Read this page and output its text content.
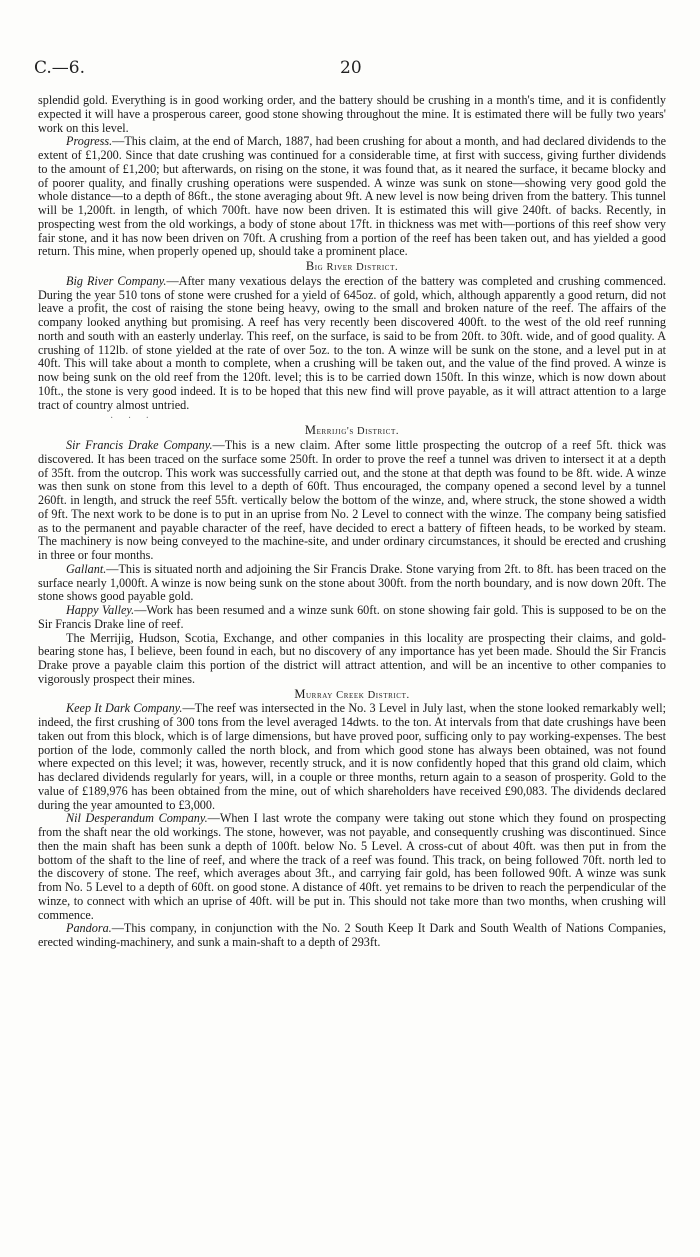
C.—6.	20

splendid gold. Everything is in good working order, and the battery should be crushing in a month's time, and it is confidently expected it will have a prosperous career, good stone showing throughout the mine. It is estimated there will be fully two years' work on this level.

Progress.—This claim, at the end of March, 1887, had been crushing for about a month, and had declared dividends to the extent of £1,200. Since that date crushing was continued for a considerable time, at first with success, giving further dividends to the amount of £1,200; but afterwards, on rising on the stone, it was found that, as it neared the surface, it became blocky and of poorer quality, and finally crushing operations were suspended. A winze was sunk on stone—showing very good gold the whole distance—to a depth of 86ft., the stone averaging about 9ft. A new level is now being driven from the battery. This tunnel will be 1,200ft. in length, of which 700ft. have now been driven. It is estimated this will give 240ft. of backs. Recently, in prospecting west from the old workings, a body of stone about 17ft. in thickness was met with—portions of this reef show very fair stone, and it has now been driven on 70ft. A crushing from a portion of the reef has been taken out, and has yielded a good return. This mine, when properly opened up, should take a prominent place.

Big River District.

Big River Company.—After many vexatious delays the erection of the battery was completed and crushing commenced. During the year 510 tons of stone were crushed for a yield of 645oz. of gold, which, although apparently a good return, did not leave a profit, the cost of raising the stone being heavy, owing to the small and broken nature of the reef. The affairs of the company looked anything but promising. A reef has very recently been discovered 400ft. to the west of the old reef running north and south with an easterly underlay. This reef, on the surface, is said to be from 20ft. to 30ft. wide, and of good quality. A crushing of 112lb. of stone yielded at the rate of over 5oz. to the ton. A winze will be sunk on the stone, and a level put in at 40ft. This will take about a month to complete, when a crushing will be taken out, and the value of the find proved. A winze is now being sunk on the old reef from the 120ft. level; this is to be carried down 150ft. In this winze, which is now down about 10ft., the stone is very good indeed. It is to be hoped that this new find will prove payable, as it will attract attention to a large tract of country almost untried.

· · ·
Merrijig's District.

Sir Francis Drake Company.—This is a new claim. After some little prospecting the outcrop of a reef 5ft. thick was discovered. It has been traced on the surface some 250ft. In order to prove the reef a tunnel was driven to intersect it at a depth of 35ft. from the outcrop. This work was successfully carried out, and the stone at that depth was found to be 8ft. wide. A winze was then sunk on stone from this level to a depth of 60ft. Thus encouraged, the company opened a second level by a tunnel 260ft. in length, and struck the reef 55ft. vertically below the bottom of the winze, and, where struck, the stone showed a width of 9ft. The next work to be done is to put in an uprise from No. 2 Level to connect with the winze. The company being satisfied as to the permanent and payable character of the reef, have decided to erect a battery of fifteen heads, to be worked by steam. The machinery is now being conveyed to the machine-site, and under ordinary circumstances, it should be erected and crushing in three or four months.

Gallant.—This is situated north and adjoining the Sir Francis Drake. Stone varying from 2ft. to 8ft. has been traced on the surface nearly 1,000ft. A winze is now being sunk on the stone about 300ft. from the north boundary, and is now down 20ft. The stone shows good payable gold.

Happy Valley.—Work has been resumed and a winze sunk 60ft. on stone showing fair gold. This is supposed to be on the Sir Francis Drake line of reef.

The Merrijig, Hudson, Scotia, Exchange, and other companies in this locality are prospecting their claims, and gold-bearing stone has, I believe, been found in each, but no discovery of any importance has yet been made. Should the Sir Francis Drake prove a payable claim this portion of the district will attract attention, and will be an incentive to other companies to vigorously prospect their mines.

Murray Creek District.

Keep It Dark Company.—The reef was intersected in the No. 3 Level in July last, when the stone looked remarkably well; indeed, the first crushing of 300 tons from the level averaged 14dwts. to the ton. At intervals from that date crushings have been taken out from this block, which is of large dimensions, but have proved poor, sufficing only to pay working-expenses. The best portion of the lode, commonly called the north block, and from which good stone has always been obtained, was not found where expected on this level; it was, however, recently struck, and it is now confidently hoped that this grand old claim, which has declared dividends regularly for years, will, in a couple or three months, return again to a season of prosperity. Gold to the value of £189,976 has been obtained from the mine, out of which shareholders have received £90,083. The dividends declared during the year amounted to £3,000.

Nil Desperandum Company.—When I last wrote the company were taking out stone which they found on prospecting from the shaft near the old workings. The stone, however, was not payable, and consequently crushing was discontinued. Since then the main shaft has been sunk a depth of 100ft. below No. 5 Level. A cross-cut of about 40ft. was then put in from the bottom of the shaft to the line of reef, and where the track of a reef was found. This track, on being followed 70ft. north led to the discovery of stone. The reef, which averages about 3ft., and carrying fair gold, has been followed 90ft. A winze was sunk from No. 5 Level to a depth of 60ft. on good stone. A distance of 40ft. yet remains to be driven to reach the perpendicular of the winze, to connect with which an uprise of 40ft. will be put in. This should not take more than two months, when crushing will commence.

Pandora.—This company, in conjunction with the No. 2 South Keep It Dark and South Wealth of Nations Companies, erected winding-machinery, and sunk a main-shaft to a depth of 293ft.
